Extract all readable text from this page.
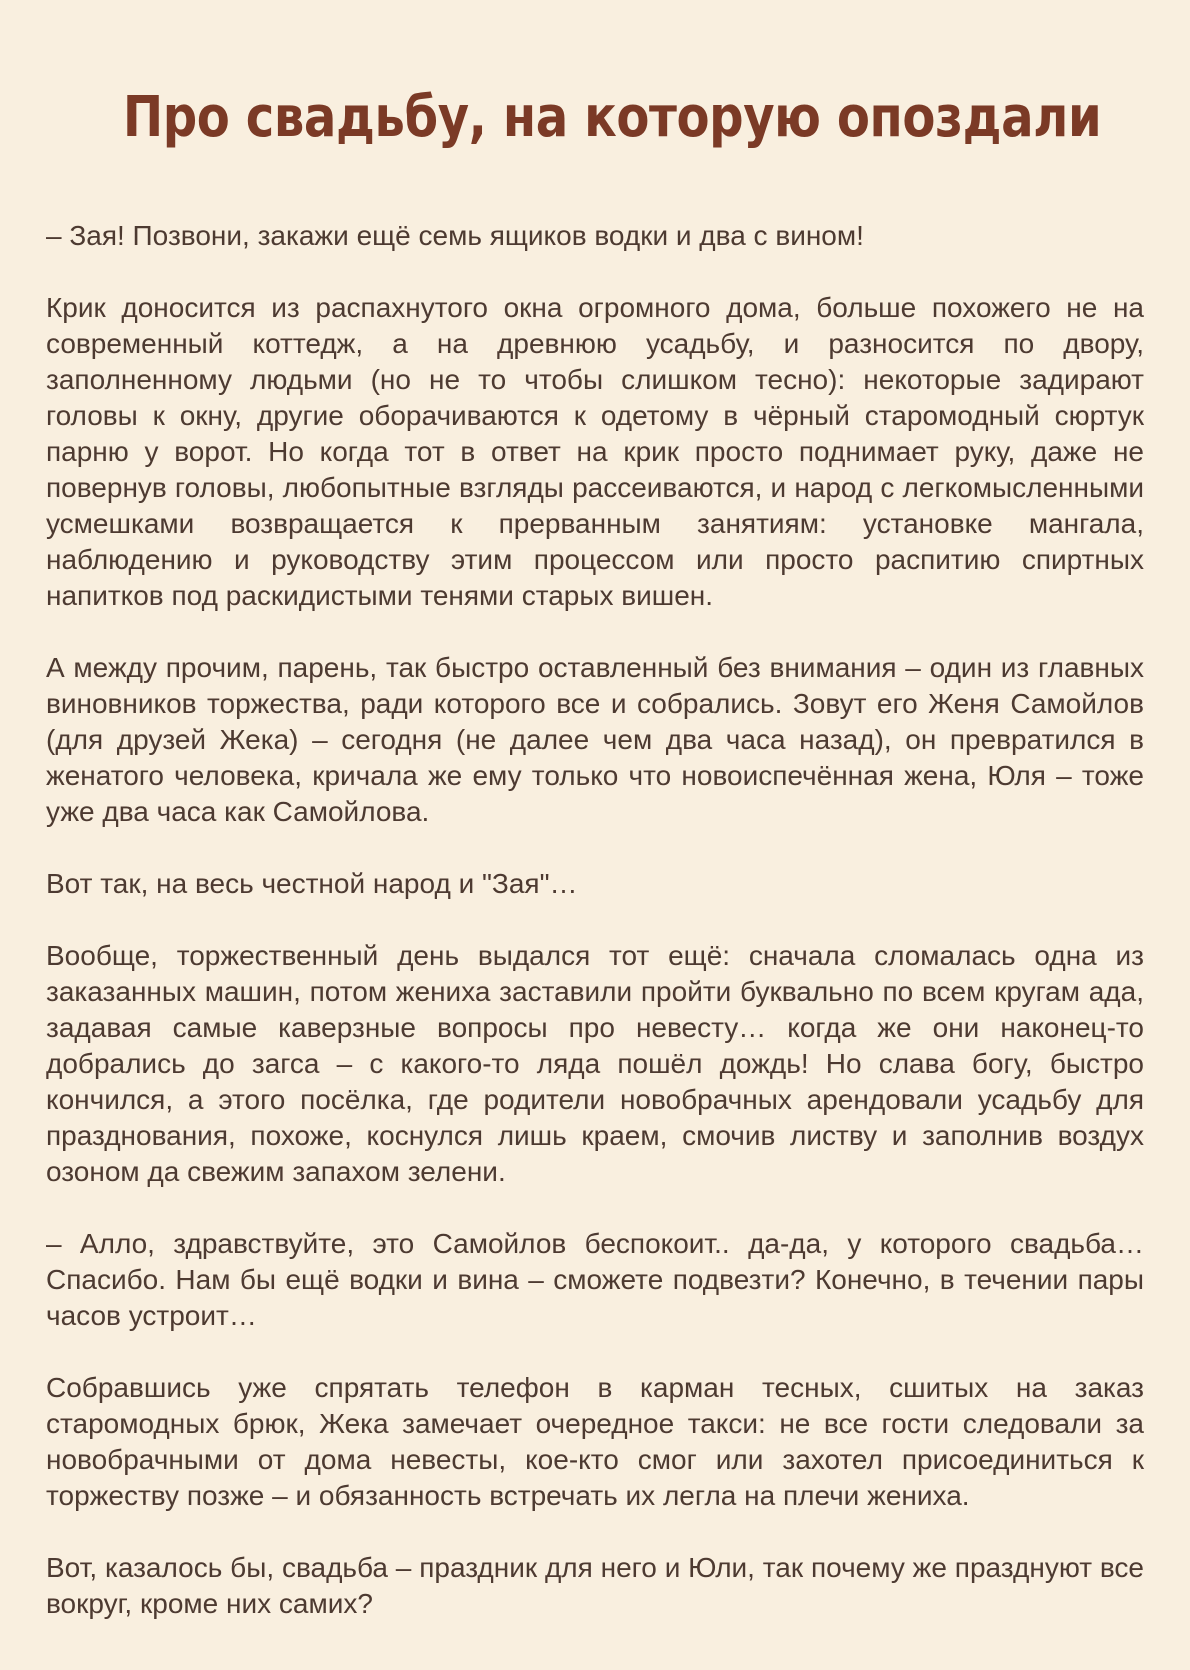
Про свадьбу, на которую опоздали

– Зая! Позвони, закажи ещё семь ящиков водки и два с вином!

Крик доносится из распахнутого окна огромного дома, больше похожего не на современный коттедж, а на древнюю усадьбу, и разносится по двору, заполненному людьми (но не то чтобы слишком тесно): некоторые задирают головы к окну, другие оборачиваются к одетому в чёрный старомодный сюртук парню у ворот. Но когда тот в ответ на крик просто поднимает руку, даже не повернув головы, любопытные взгляды рассеиваются, и народ с легкомысленными усмешками возвращается к прерванным занятиям: установке мангала, наблюдению и руководству этим процессом или просто распитию спиртных напитков под раскидистыми тенями старых вишен.

А между прочим, парень, так быстро оставленный без внимания – один из главных виновников торжества, ради которого все и собрались. Зовут его Женя Самойлов (для друзей Жека) – сегодня (не далее чем два часа назад), он превратился в женатого человека, кричала же ему только что новоиспечённая жена, Юля – тоже уже два часа как Самойлова.

Вот так, на весь честной народ и "Зая"…

Вообще, торжественный день выдался тот ещё: сначала сломалась одна из заказанных машин, потом жениха заставили пройти буквально по всем кругам ада, задавая самые каверзные вопросы про невесту… когда же они наконец-то добрались до загса – с какого-то ляда пошёл дождь! Но слава богу, быстро кончился, а этого посёлка, где родители новобрачных арендовали усадьбу для празднования, похоже, коснулся лишь краем, смочив листву и заполнив воздух озоном да свежим запахом зелени.

– Алло, здравствуйте, это Самойлов беспокоит.. да-да, у которого свадьба… Спасибо. Нам бы ещё водки и вина – сможете подвезти? Конечно, в течении пары часов устроит…

Собравшись уже спрятать телефон в карман тесных, сшитых на заказ старомодных брюк, Жека замечает очередное такси: не все гости следовали за новобрачными от дома невесты, кое-кто смог или захотел присоединиться к торжеству позже – и обязанность встречать их легла на плечи жениха.

Вот, казалось бы, свадьба – праздник для него и Юли, так почему же празднуют все вокруг, кроме них самих?
